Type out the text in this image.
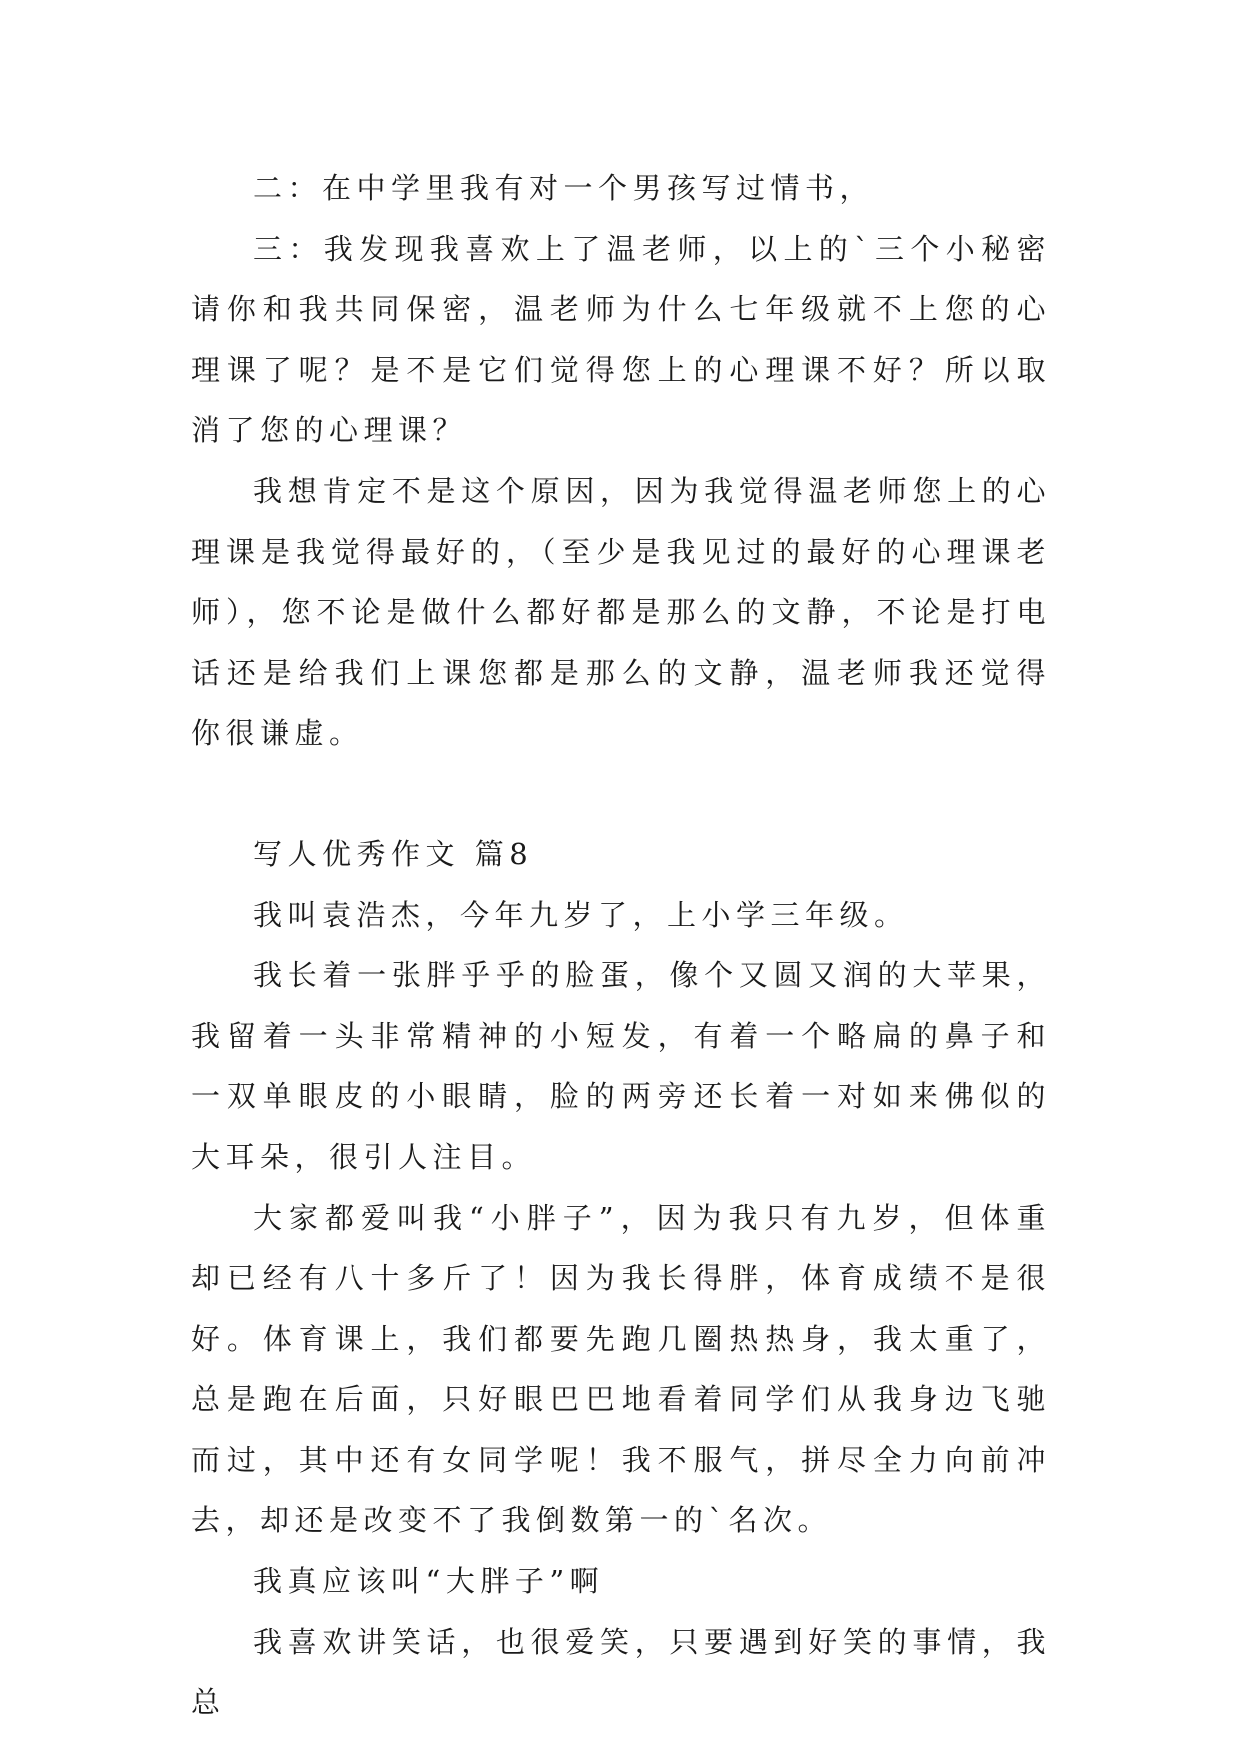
二：在中学里我有对一个男孩写过情书，

三：我发现我喜欢上了温老师，以上的`三个小秘密请你和我共同保密，温老师为什么七年级就不上您的心理课了呢？是不是它们觉得您上的心理课不好？所以取消了您的心理课？

我想肯定不是这个原因，因为我觉得温老师您上的心理课是我觉得最好的，（至少是我见过的最好的心理课老师），您不论是做什么都好都是那么的文静，不论是打电话还是给我们上课您都是那么的文静，温老师我还觉得你很谦虚。

写人优秀作文 篇8

我叫袁浩杰，今年九岁了，上小学三年级。

我长着一张胖乎乎的脸蛋，像个又圆又润的大苹果，我留着一头非常精神的小短发，有着一个略扁的鼻子和一双单眼皮的小眼睛，脸的两旁还长着一对如来佛似的大耳朵，很引人注目。

大家都爱叫我“小胖子”，因为我只有九岁，但体重却已经有八十多斤了！因为我长得胖，体育成绩不是很好。体育课上，我们都要先跑几圈热热身，我太重了，总是跑在后面，只好眼巴巴地看着同学们从我身边飞驰而过，其中还有女同学呢！我不服气，拼尽全力向前冲去，却还是改变不了我倒数第一的`名次。

我真应该叫“大胖子”啊

我喜欢讲笑话，也很爱笑，只要遇到好笑的事情，我总
